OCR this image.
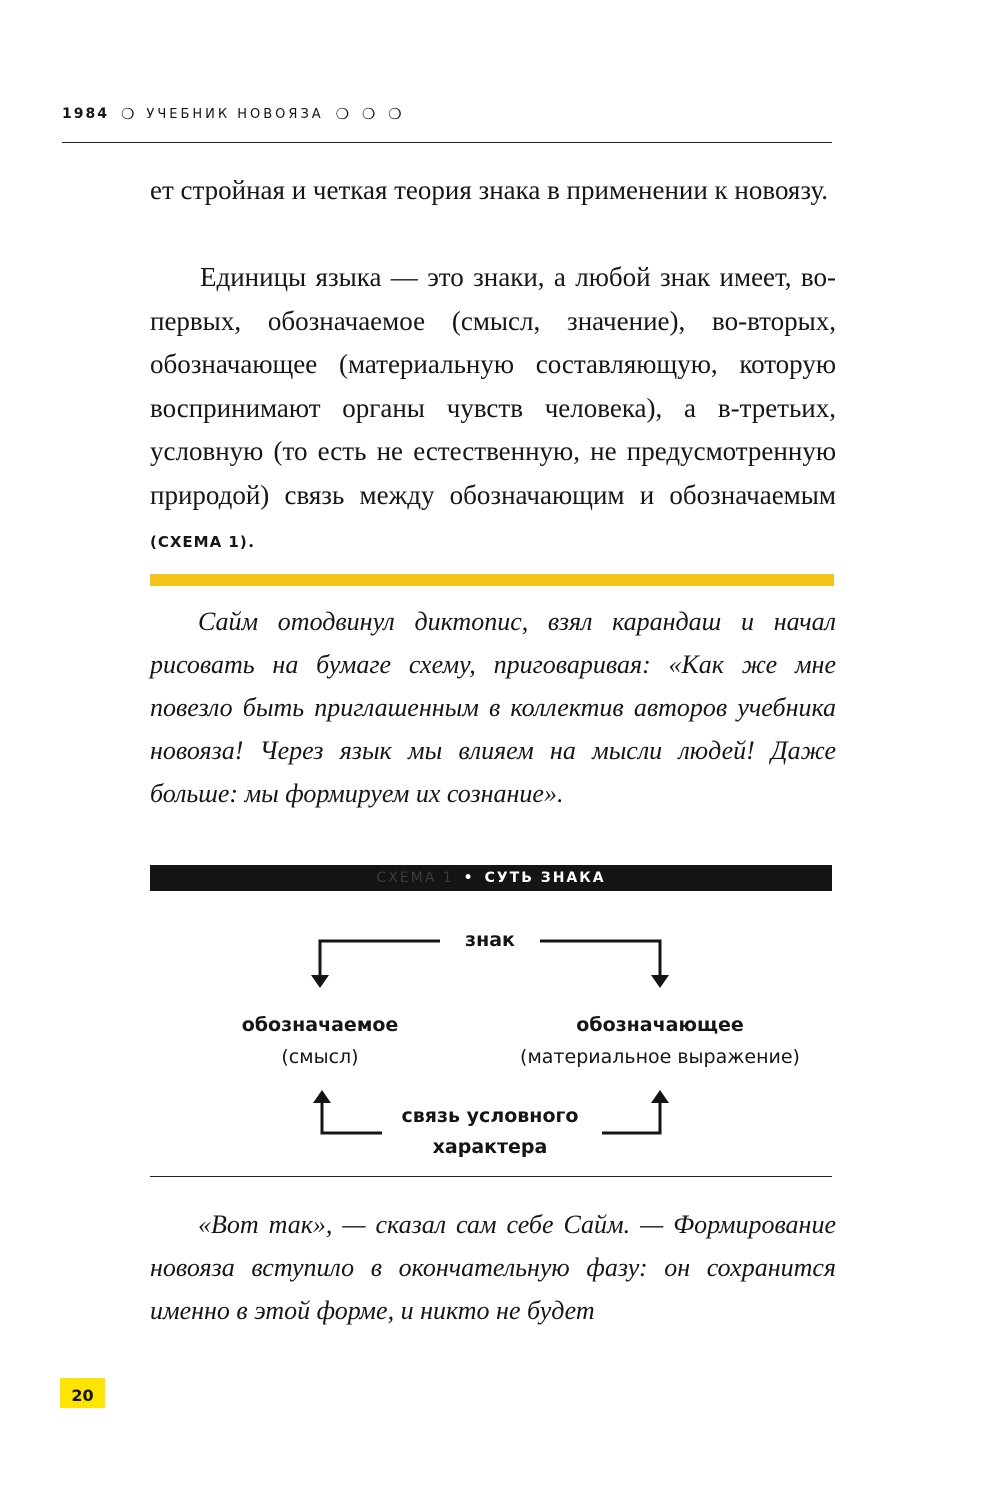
1984 ❍ УЧЕБНИК НОВОЯЗА ❍ ❍ ❍

ет стройная и четкая теория знака в применении к новоязу.

Единицы языка — это знаки, а любой знак имеет, во-первых, обозначаемое (смысл, значение), во-вторых, обозначающее (материальную составляющую, которую воспринимают органы чувств человека), а в-третьих, условную (то есть не естественную, не предусмотренную природой) связь между обозначающим и обозначаемым (СХЕМА 1).

Сайм отодвинул диктопис, взял карандаш и начал рисовать на бумаге схему, приговаривая: «Как же мне повезло быть приглашенным в коллектив авторов учебника новояза! Через язык мы влияем на мысли людей! Даже больше: мы формируем их сознание».

СХЕМА 1 • СУТЬ ЗНАКА
знак
обозначаемое
(смысл)
обозначающее
(материальное выражение)
связь условного
характера

«Вот так», — сказал сам себе Сайм. — Формирование новояза вступило в окончательную фазу: он сохранится именно в этой форме, и никто не будет

20
